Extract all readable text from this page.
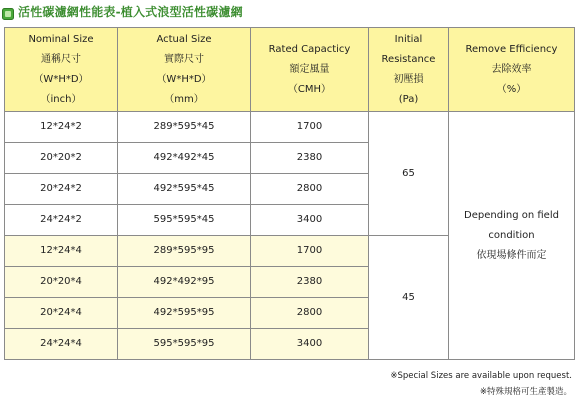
活性碳濾網性能表-植入式浪型活性碳濾網
Nominal Size
通稱尺寸
（W*H*D）
（inch）	Actual Size
實際尺寸
（W*H*D）
（mm）	Rated Capacticy
額定風量
（CMH）	Initial
Resistance
初壓損
(Pa)	Remove Efficiency
去除效率
（%）

12*24*2	289*595*45	1700	65	Depending on field
condition
依現場條件而定

20*20*2	492*492*45	2380		
20*24*2	492*595*45	2800		
24*24*2	595*595*45	3400		
12*24*4	289*595*95	1700	45	
20*20*4	492*492*95	2380		
20*24*4	492*595*95	2800		
24*24*4	595*595*95	3400		
※Special Sizes are available upon request.
※特殊規格可生產製造。
